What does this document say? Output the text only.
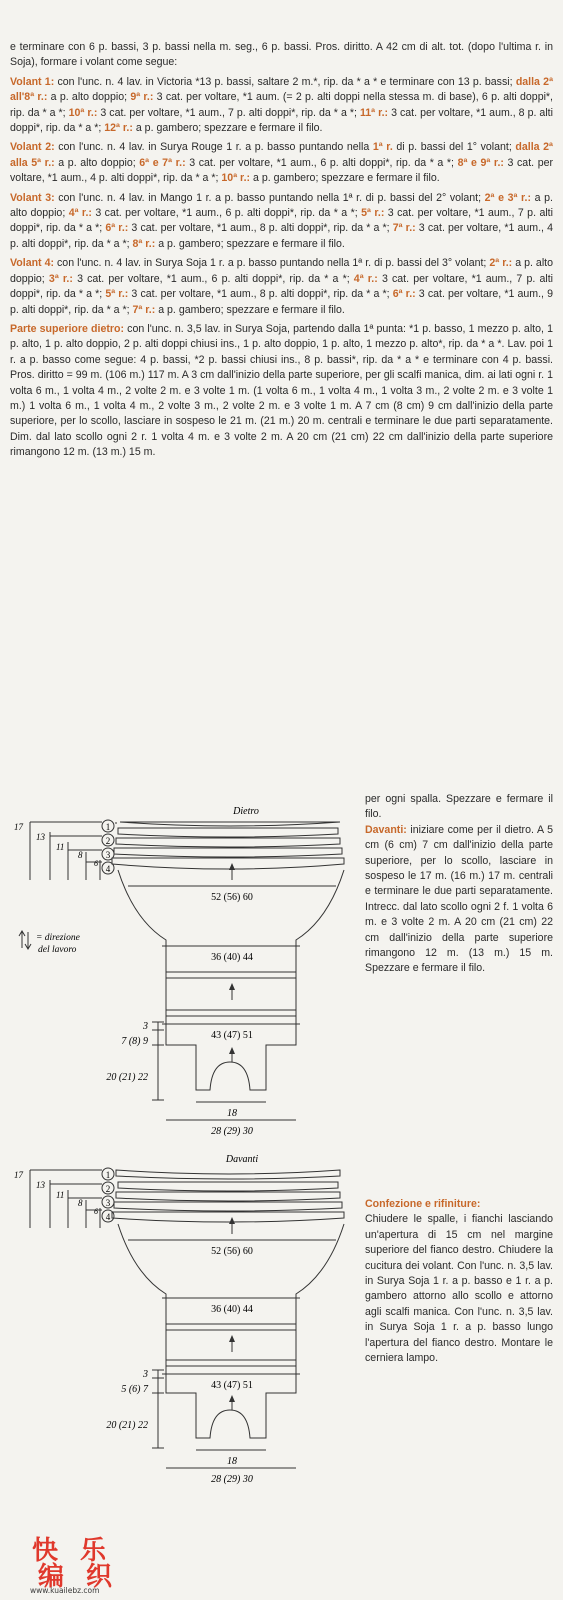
e terminare con 6 p. bassi, 3 p. bassi nella m. seg., 6 p. bassi. Pros. diritto. A 42 cm di alt. tot. (dopo l'ultima r. in Soja), formare i volant come segue:

Volant 1: con l'unc. n. 4 lav. in Victoria *13 p. bassi, saltare 2 m.*, rip. da * a * e terminare con 13 p. bassi; dalla 2ª all'8ª r.: a p. alto doppio; 9ª r.: 3 cat. per voltare, *1 aum. (= 2 p. alti doppi nella stessa m. di base), 6 p. alti doppi*, rip. da * a *; 10ª r.: 3 cat. per voltare, *1 aum., 7 p. alti doppi*, rip. da * a *; 11ª r.: 3 cat. per voltare, *1 aum., 8 p. alti doppi*, rip. da * a *; 12ª r.: a p. gambero; spezzare e fermare il filo.

Volant 2: con l'unc. n. 4 lav. in Surya Rouge 1 r. a p. basso puntando nella 1ª r. di p. bassi del 1° volant; dalla 2ª alla 5ª r.: a p. alto doppio; 6ª e 7ª r.: 3 cat. per voltare, *1 aum., 6 p. alti doppi*, rip. da * a *; 8ª e 9ª r.: 3 cat. per voltare, *1 aum., 4 p. alti doppi*, rip. da * a *; 10ª r.: a p. gambero; spezzare e fermare il filo.

Volant 3: con l'unc. n. 4 lav. in Mango 1 r. a p. basso puntando nella 1ª r. di p. bassi del 2° volant; 2ª e 3ª r.: a p. alto doppio; 4ª r.: 3 cat. per voltare, *1 aum., 6 p. alti doppi*, rip. da * a *; 5ª r.: 3 cat. per voltare, *1 aum., 7 p. alti doppi*, rip. da * a *; 6ª r.: 3 cat. per voltare, *1 aum., 8 p. alti doppi*, rip. da * a *; 7ª r.: 3 cat. per voltare, *1 aum., 4 p. alti doppi*, rip. da * a *; 8ª r.: a p. gambero; spezzare e fermare il filo.

Volant 4: con l'unc. n. 4 lav. in Surya Soja 1 r. a p. basso puntando nella 1ª r. di p. bassi del 3° volant; 2ª r.: a p. alto doppio; 3ª r.: 3 cat. per voltare, *1 aum., 6 p. alti doppi*, rip. da * a *; 4ª r.: 3 cat. per voltare, *1 aum., 7 p. alti doppi*, rip. da * a *; 5ª r.: 3 cat. per voltare, *1 aum., 8 p. alti doppi*, rip. da * a *; 6ª r.: 3 cat. per voltare, *1 aum., 9 p. alti doppi*, rip. da * a *; 7ª r.: a p. gambero; spezzare e fermare il filo.

Parte superiore dietro: con l'unc. n. 3,5 lav. in Surya Soja, partendo dalla 1ª punta: *1 p. basso, 1 mezzo p. alto, 1 p. alto, 1 p. alto doppio, 2 p. alti doppi chiusi ins., 1 p. alto doppio, 1 p. alto, 1 mezzo p. alto*, rip. da * a *. Lav. poi 1 r. a p. basso come segue: 4 p. bassi, *2 p. bassi chiusi ins., 8 p. bassi*, rip. da * a * e terminare con 4 p. bassi. Pros. diritto = 99 m. (106 m.) 117 m. A 3 cm dall'inizio della parte superiore, per gli scalfi manica, dim. ai lati ogni r. 1 volta 6 m., 1 volta 4 m., 2 volte 2 m. e 3 volte 1 m. (1 volta 6 m., 1 volta 4 m., 1 volta 3 m., 2 volte 2 m. e 3 volte 1 m.) 1 volta 6 m., 1 volta 4 m., 2 volte 3 m., 2 volte 2 m. e 3 volte 1 m. A 7 cm (8 cm) 9 cm dall'inizio della parte superiore, per lo scollo, lasciare in sospeso le 21 m. (21 m.) 20 m. centrali e terminare le due parti separatamente. Dim. dal lato scollo ogni 2 r. 1 volta 4 m. e 3 volte 2 m. A 20 cm (21 cm) 22 cm dall'inizio della parte superiore rimangono 12 m. (13 m.) 15 m.

per ogni spalla. Spezzare e fermare il filo.
Davanti: iniziare come per il dietro. A 5 cm (6 cm) 7 cm dall'inizio della parte superiore, per lo scollo, lasciare in sospeso le 17 m. (16 m.) 17 m. centrali e terminare le due parti separatamente. Intrecc. dal lato scollo ogni 2 f. 1 volta 6 m. e 3 volte 2 m. A 20 cm (21 cm) 22 cm dall'inizio della parte superiore rimangono 12 m. (13 m.) 15 m. Spezzare e fermare il filo.
Confezione e rifiniture:
Chiudere le spalle, i fianchi lasciando un'apertura di 15 cm nel margine superiore del fianco destro. Chiudere la cucitura dei volant. Con l'unc. n. 3,5 lav. in Surya Soja 1 r. a p. basso e 1 r. a p. gambero attorno allo scollo e attorno agli scalfi manica. Con l'unc. n. 3,5 lav. in Surya Soja 1 r. a p. basso lungo l'apertura del fianco destro. Montare le cerniera lampo.
Dietro
52 (56) 60
36 (40) 44
43 (47) 51
1
2
3
4
17
13
11
8
6
= direzione
del lavoro
3
7 (8) 9
20 (21) 22
18
28 (29) 30
Davanti
52 (56) 60
36 (40) 44
43 (47) 51
1
2
3
4
17
13
11
8
6
3
5 (6) 7
20 (21) 22
18
28 (29) 30
快 乐
编 织
www.kuailebz.com
